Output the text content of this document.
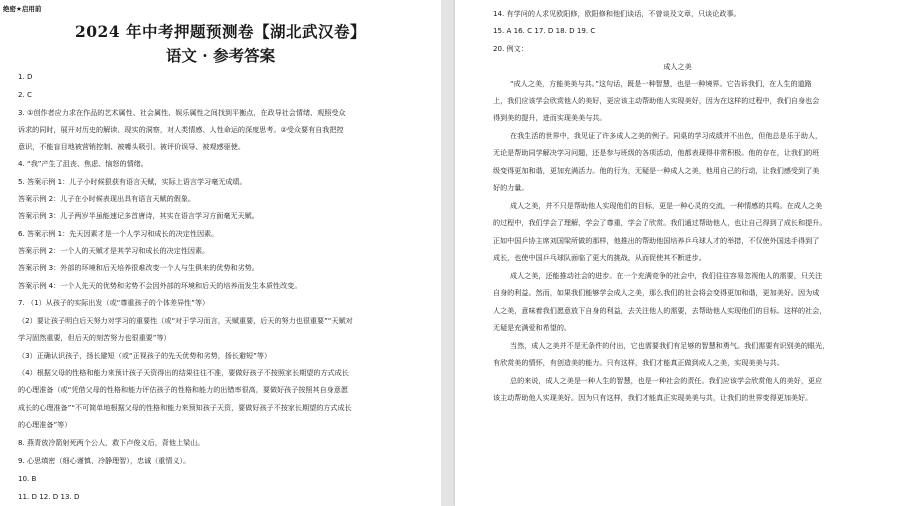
绝密★启用前
2024 年中考押题预测卷【湖北武汉卷】
语文 · 参考答案
1. D
2. C
3. ①创作者应力求在作品的艺术属性、社会属性、娱乐属性之间找到平衡点，在政导社会情绪、观照受众
诉求的同时，展开对历史的解读、现实的洞察，对人类情感、人性命运的深度思考。②受众要有自我把控
意识，不能盲目地被营销控制、被噱头吸引、被评价误导、被观感驱使。
4. “我”产生了沮丧、焦虑、恼怒的情绪。
5. 答案示例 1：儿子小时候狠获有语言天赋，实际上语言学习毫无成绩。
答案示例 2：儿子在小时候表现出具有语言天赋的假象。
答案示例 3：儿子两岁半虽能速记多首唐诗，其实在语言学习方面毫无天赋。
6. 答案示例 1：先天因素才是一个人学习和成长的决定性因素。
答案示例 2：一个人的天赋才是其学习和成长的决定性因素。
答案示例 3：外部的环境和后天培养很难改变一个人与生俱来的优势和劣势。
答案示例 4：一个人先天的优势和劣势不会因外部的环境和后天的培养而发生本质性改变。
7. （1）从孩子的实际出发（或“尊重孩子的个体差异性”等）
（2）要让孩子明白后天努力对学习的重要性（或“对于学习而言，天赋重要，后天的努力也很重要”“天赋对
学习固然重要，但后天的刻苦努力也很重要”等）
（3）正确认识孩子，扬长避短（或“正视孩子的先天优势和劣势，扬长避短”等）
（4）根据父母的性格和能力来预计孩子天资得出的结果往往不准，要做好孩子不按照家长期望的方式成长
的心理准备（或“凭借父母的性格和能力评估孩子的性格和能力的出错率很高，要做好孩子按照其自身意愿
成长的心理准备”“不可简单地根据父母的性格和能力来预知孩子天资，要做好孩子不按家长期望的方式成长
的心理准备”等）
8. 燕青放冷箭射死两个公人，救下卢俊义后，背他上梁山。
9. 心思缜密（细心谨慎、冷静理智），忠诚（重情义）。
10. B
11. D 12. D 13. D
14. 有学问的人求见欧阳修，欧阳修和他们谈话，不曾谈及文章，只谈论政事。
15. A 16. C 17. D 18. D 19. C
20. 例文：
成人之美
“成人之美，方能美美与共。”这句话，既是一种智慧，也是一种境界。它告诉我们，在人生的道路
上，我们应该学会欣赏他人的美好，更应该主动帮助他人实现美好，因为在这样的过程中，我们自身也会
得到美的提升，进而实现美美与共。
在我生活的世界中，我见证了许多成人之美的例子。同桌的学习成绩并不出色，但他总是乐于助人，
无论是帮助同学解决学习问题，还是参与班级的各项活动，他都表现得非常积极。他的存在，让我们的班
级变得更加和谐，更加充满活力。他的行为，无疑是一种成人之美，他用自己的行动，让我们感受到了美
好的力量。
成人之美，并不只是帮助他人实现他们的目标，更是一种心灵的交流，一种情感的共鸣。在成人之美
的过程中，我们学会了理解，学会了尊重，学会了欣赏。我们通过帮助他人，也让自己得到了成长和提升。
正如中国乒协主席刘国梁所做的那样，他推出的帮助他国培养乒乓球人才的举措，不仅使外国选手得到了
成长，也使中国乒乓球队面临了更大的挑战，从而促使其不断进步。
成人之美，还能推动社会的进步。在一个充满竞争的社会中，我们往往容易忽视他人的需要，只关注
自身的利益。然而，如果我们能够学会成人之美，那么我们的社会将会变得更加和谐，更加美好。因为成
人之美，意味着我们愿意放下自身的利益，去关注他人的需要，去帮助他人实现他们的目标。这样的社会，
无疑是充满爱和希望的。
当然，成人之美并不是无条件的付出，它也需要我们有足够的智慧和勇气。我们需要有识别美的眼光，
有欣赏美的情怀，有创造美的能力。只有这样，我们才能真正做到成人之美，实现美美与共。
总的来说，成人之美是一种人生的智慧，也是一种社会的责任。我们应该学会欣赏他人的美好，更应
该主动帮助他人实现美好。因为只有这样，我们才能真正实现美美与共，让我们的世界变得更加美好。
